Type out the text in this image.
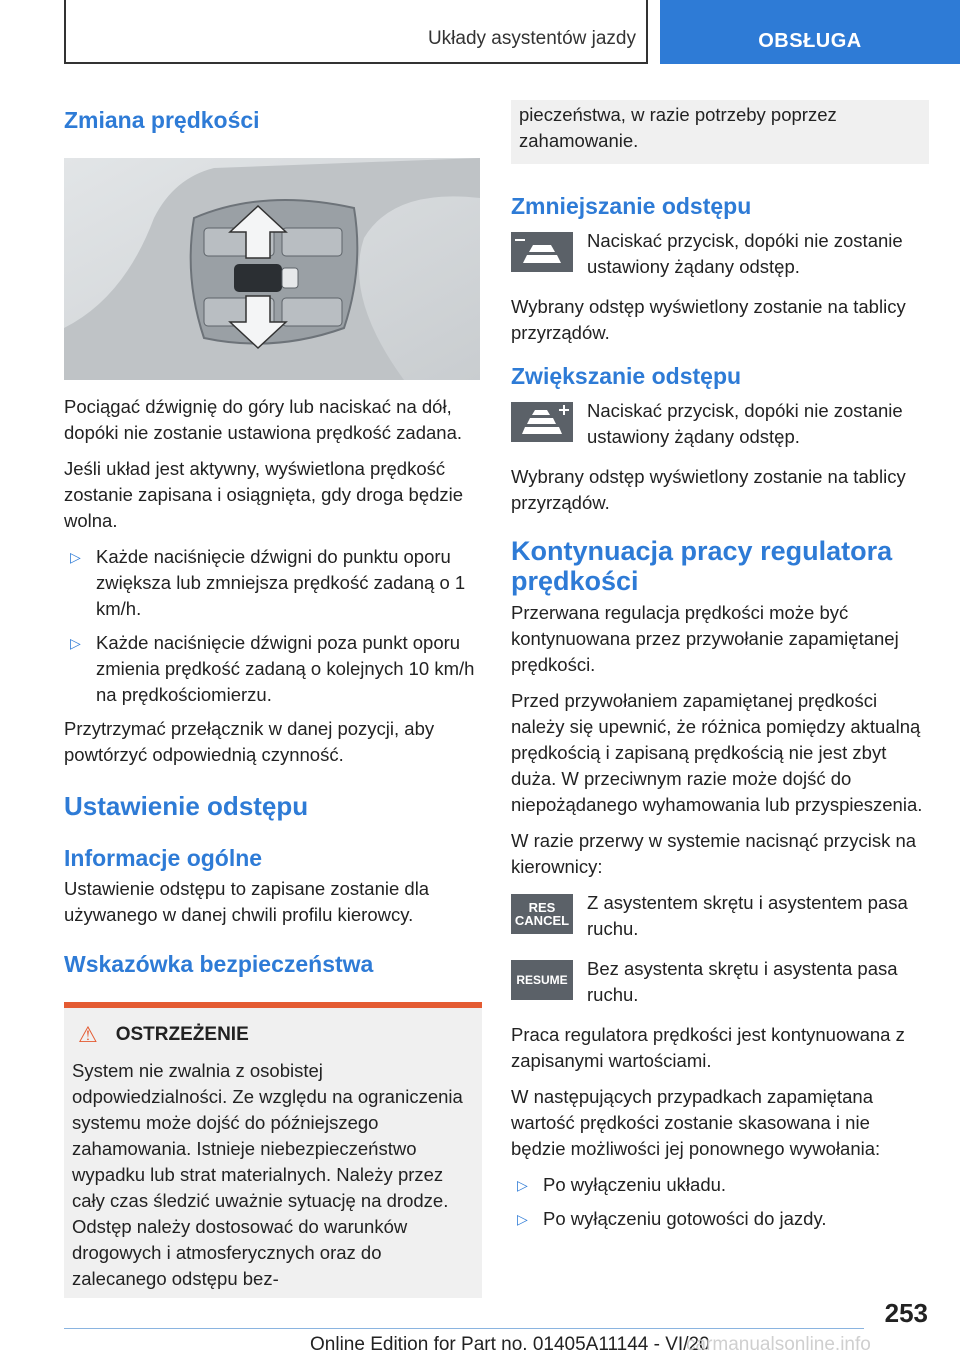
Układy asystentów jazdy	OBSŁUGA
Zmiana prędkości

Pociągać dźwignię do góry lub naciskać na dół, dopóki nie zostanie ustawiona prędkość zadana.

Jeśli układ jest aktywny, wyświetlona prędkość zostanie zapisana i osiągnięta, gdy droga będzie wolna.

▷ Każde naciśnięcie dźwigni do punktu oporu zwiększa lub zmniejsza prędkość zadaną o 1 km/h.
▷ Każde naciśnięcie dźwigni poza punkt oporu zmienia prędkość zadaną o kolejnych 10 km/h na prędkościomierzu.

Przytrzymać przełącznik w danej pozycji, aby powtórzyć odpowiednią czynność.

Ustawienie odstępu
Informacje ogólne

Ustawienie odstępu to zapisane zostanie dla używanego w danej chwili profilu kierowcy.

Wskazówka bezpieczeństwa
⚠ OSTRZEŻENIE

System nie zwalnia z osobistej odpowiedzialności. Ze względu na ograniczenia systemu może dojść do późniejszego zahamowania. Istnieje niebezpieczeństwo wypadku lub strat materialnych. Należy przez cały czas śledzić uważnie sytuację na drodze. Odstęp należy dostosować do warunków drogowych i atmosferycznych oraz do zalecanego odstępu bez-

pieczeństwa, w razie potrzeby poprzez zahamowanie.

Zmniejszanie odstępu

Naciskać przycisk, dopóki nie zostanie ustawiony żądany odstęp.

Wybrany odstęp wyświetlony zostanie na tablicy przyrządów.

Zwiększanie odstępu

Naciskać przycisk, dopóki nie zostanie ustawiony żądany odstęp.

Wybrany odstęp wyświetlony zostanie na tablicy przyrządów.

Kontynuacja pracy regulatora prędkości

Przerwana regulacja prędkości może być kontynuowana przez przywołanie zapamiętanej prędkości.

Przed przywołaniem zapamiętanej prędkości należy się upewnić, że różnica pomiędzy aktualną prędkością i zapisaną prędkością nie jest zbyt duża. W przeciwnym razie może dojść do niepożądanego wyhamowania lub przyspieszenia.

W razie przerwy w systemie nacisnąć przycisk na kierownicy:

RES
CANCEL

Z asystentem skrętu i asystentem pasa ruchu.

RESUME

Bez asystenta skrętu i asystenta pasa ruchu.

Praca regulatora prędkości jest kontynuowana z zapisanymi wartościami.

W następujących przypadkach zapamiętana wartość prędkości zostanie skasowana i nie będzie możliwości jej ponownego wywołania:

▷ Po wyłączeniu układu.
▷ Po wyłączeniu gotowości do jazdy.
253
Online Edition for Part no. 01405A11144 - VI/20
carmanualsonline.info
